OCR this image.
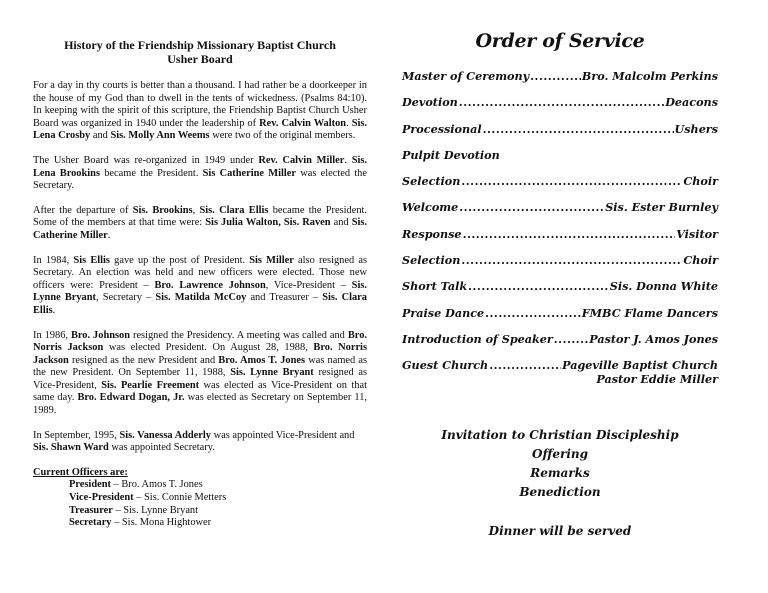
History of the Friendship Missionary Baptist Church
Usher Board

For a day in thy courts is better than a thousand. I had rather be a doorkeeper in the house of my God than to dwell in the tents of wickedness. (Psalms 84:10). In keeping with the spirit of this scripture, the Friendship Baptist Church Usher Board was organized in 1940 under the leadership of Rev. Calvin Walton. Sis. Lena Crosby and Sis. Molly Ann Weems were two of the original members.

The Usher Board was re-organized in 1949 under Rev. Calvin Miller. Sis. Lena Brookins became the President. Sis Catherine Miller was elected the Secretary.

After the departure of Sis. Brookins, Sis. Clara Ellis became the President. Some of the members at that time were: Sis Julia Walton, Sis. Raven and Sis. Catherine Miller.

In 1984, Sis Ellis gave up the post of President. Sis Miller also resigned as Secretary. An election was held and new officers were elected. Those new officers were: President – Bro. Lawrence Johnson, Vice-President – Sis. Lynne Bryant, Secretary – Sis. Matilda McCoy and Treasurer – Sis. Clara Ellis.

In 1986, Bro. Johnson resigned the Presidency. A meeting was called and Bro. Norris Jackson was elected President. On August 28, 1988, Bro. Norris Jackson resigned as the new President and Bro. Amos T. Jones was named as the new President. On September 11, 1988, Sis. Lynne Bryant resigned as Vice-President, Sis. Pearlie Freement was elected as Vice-President on that same day. Bro. Edward Dogan, Jr. was elected as Secretary on September 11, 1989.

In September, 1995, Sis. Vanessa Adderly was appointed Vice-President and
Sis. Shawn Ward was appointed Secretary.

Current Officers are:
President – Bro. Amos T. Jones
Vice-President – Sis. Connie Metters
Treasurer – Sis. Lynne Bryant
Secretary – Sis. Mona Hightower
Order of Service
Master of Ceremony .....	Bro. Malcolm Perkins
Devotion .....	Deacons
Processional .....	Ushers
Pulpit Devotion
Selection .....	Choir
Welcome .....	Sis. Ester Burnley
Response .....	Visitor
Selection .....	Choir
Short Talk .....	Sis. Donna White
Praise Dance .....	FMBC Flame Dancers
Introduction of Speaker .....	Pastor J. Amos Jones
Guest Church .....	Pageville Baptist Church
Pastor Eddie Miller
Invitation to Christian Discipleship
Offering
Remarks
Benediction
Dinner will be served
